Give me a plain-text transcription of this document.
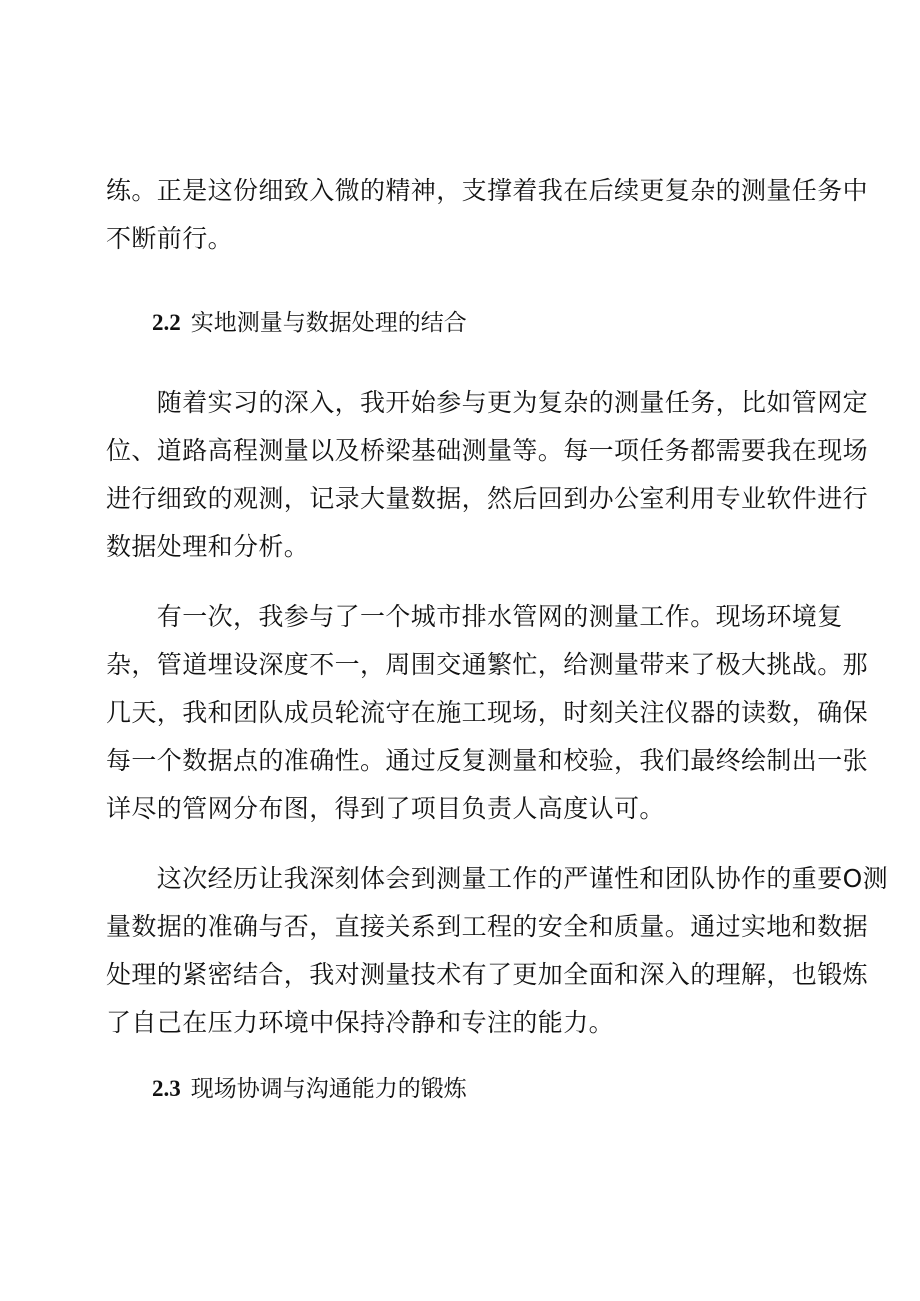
练。正是这份细致入微的精神，支撑着我在后续更复杂的测量任务中
不断前行。
2.2 实地测量与数据处理的结合
　　随着实习的深入，我开始参与更为复杂的测量任务，比如管网定
位、道路高程测量以及桥梁基础测量等。每一项任务都需要我在现场
进行细致的观测，记录大量数据，然后回到办公室利用专业软件进行
数据处理和分析。
　　有一次，我参与了一个城市排水管网的测量工作。现场环境复
杂，管道埋设深度不一，周围交通繁忙，给测量带来了极大挑战。那
几天，我和团队成员轮流守在施工现场，时刻关注仪器的读数，确保
每一个数据点的准确性。通过反复测量和校验，我们最终绘制出一张
详尽的管网分布图，得到了项目负责人高度认可。
　　这次经历让我深刻体会到测量工作的严谨性和团队协作的重要O测
量数据的准确与否，直接关系到工程的安全和质量。通过实地和数据
处理的紧密结合，我对测量技术有了更加全面和深入的理解，也锻炼
了自己在压力环境中保持冷静和专注的能力。
2.3 现场协调与沟通能力的锻炼
